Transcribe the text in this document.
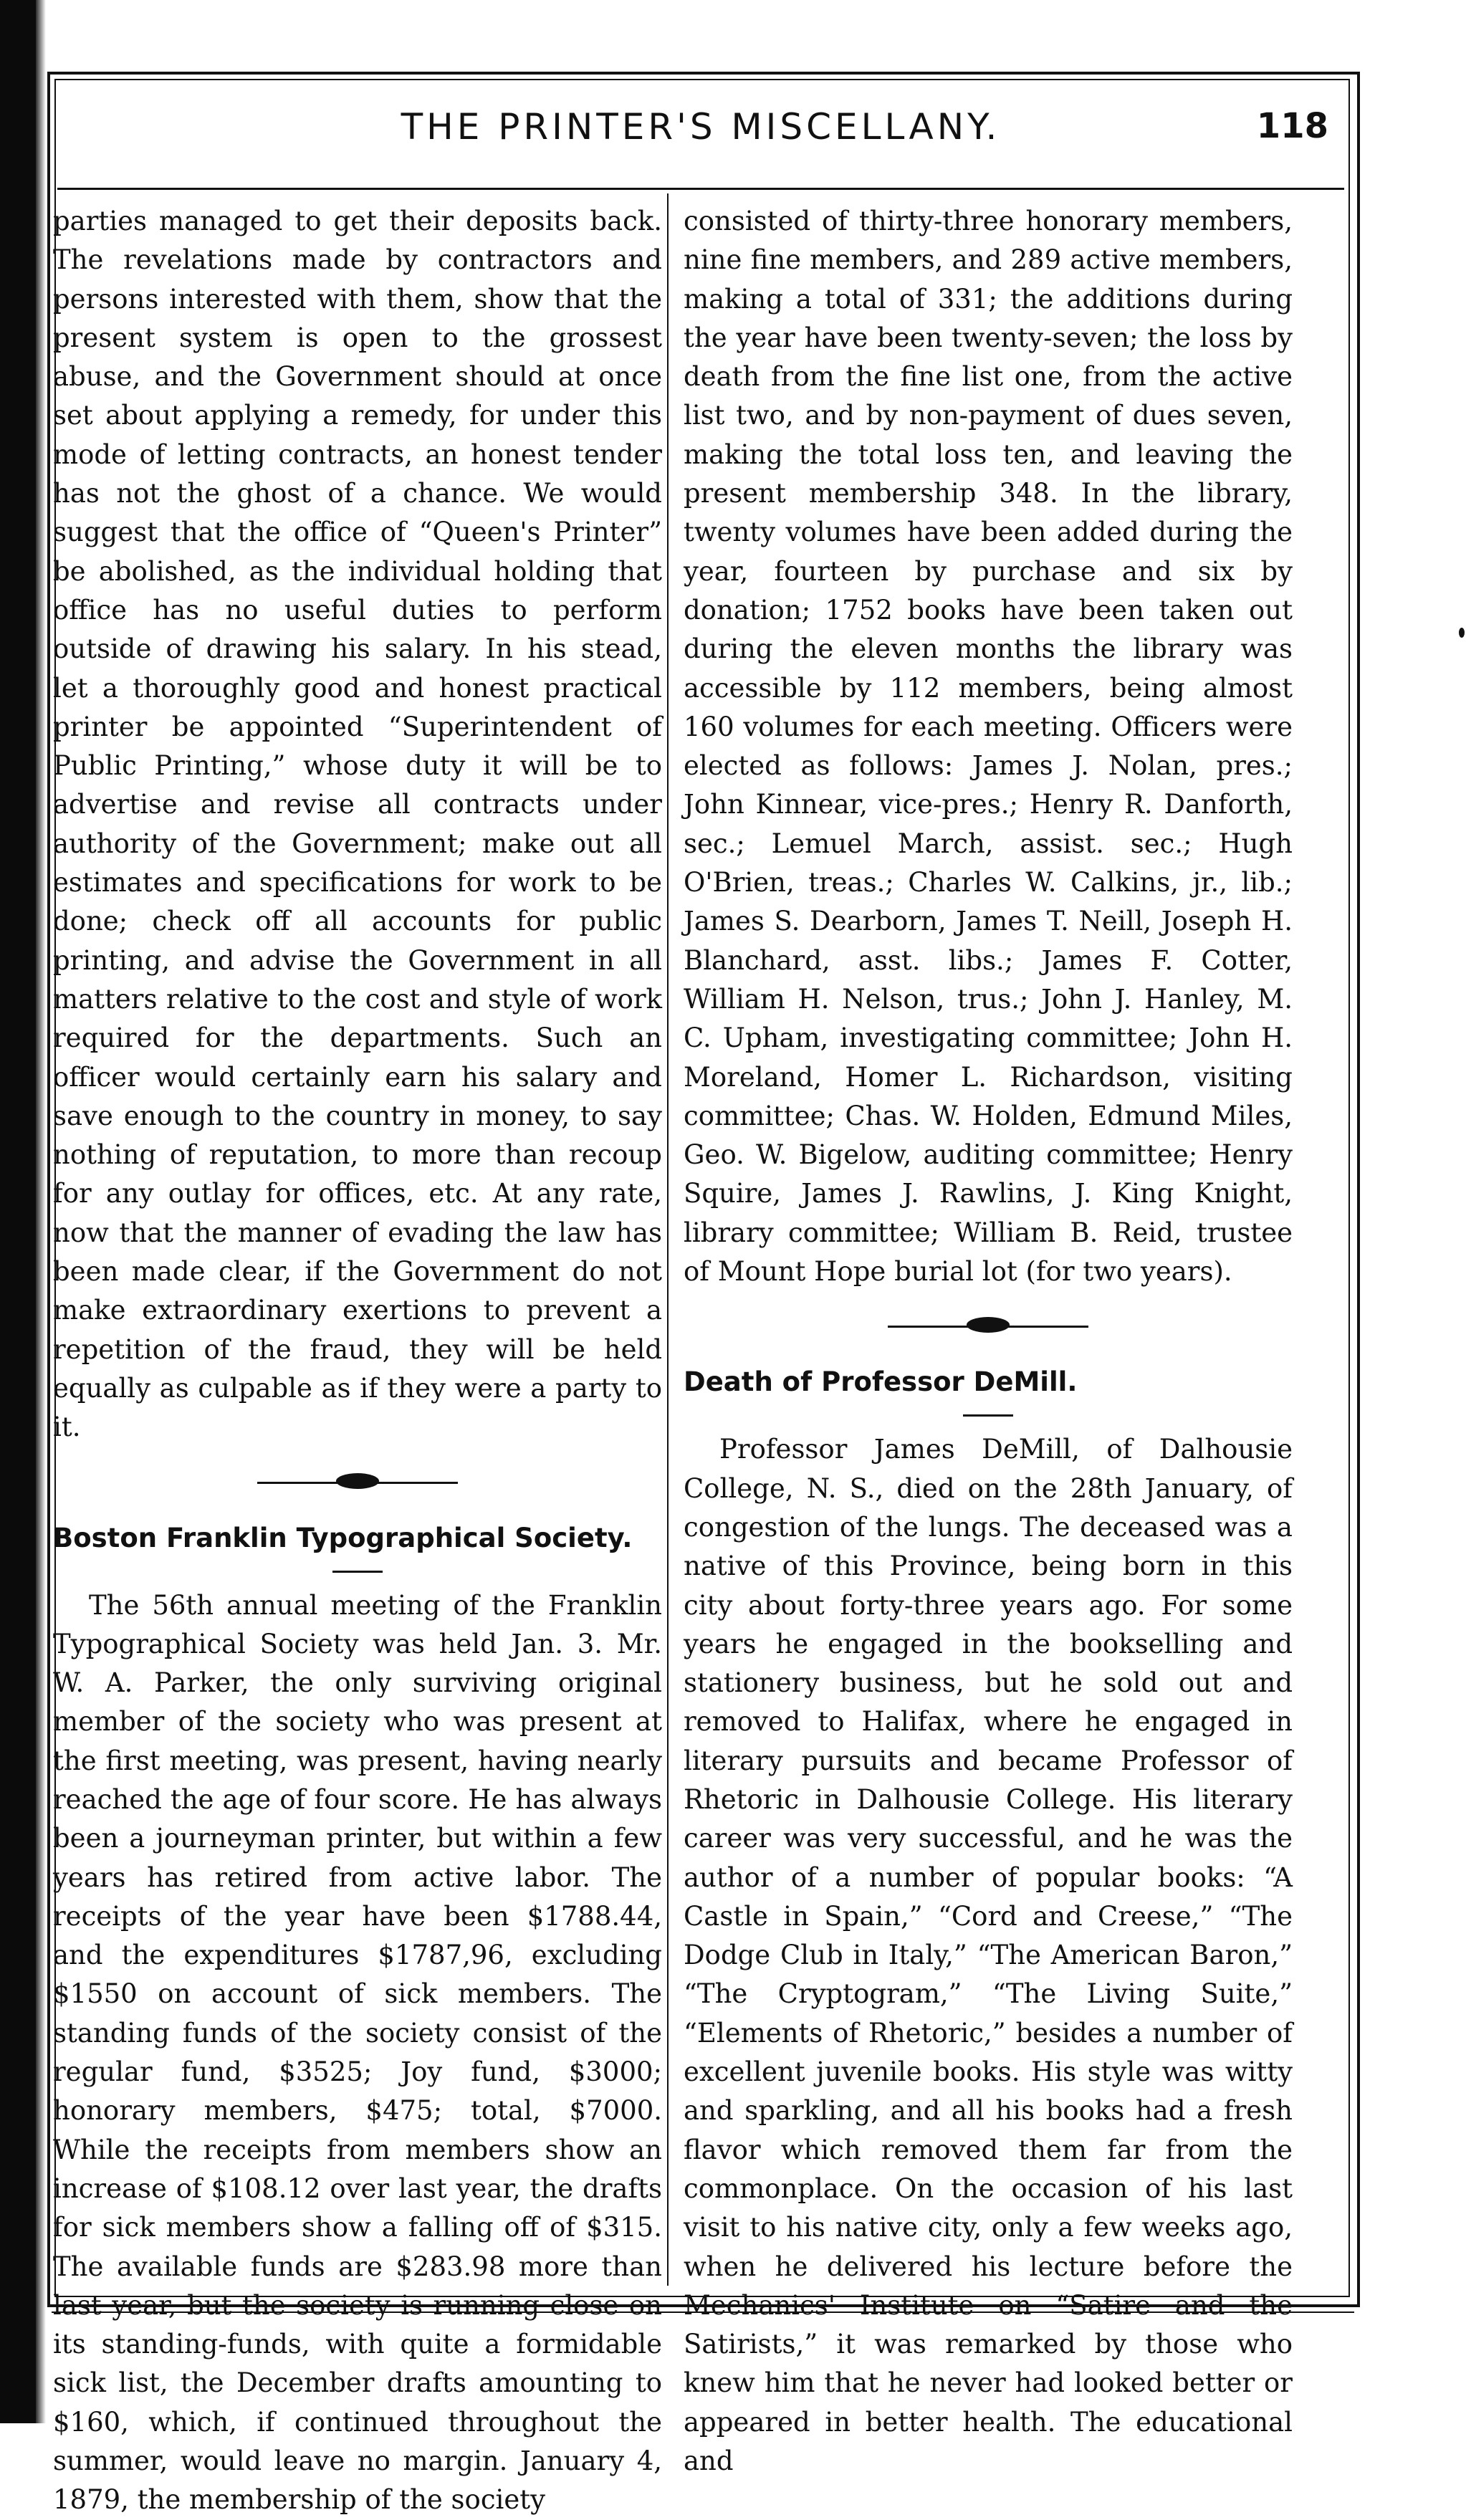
THE PRINTER'S MISCELLANY.	118

parties managed to get their deposits back. The revelations made by contractors and persons interested with them, show that the present system is open to the grossest abuse, and the Government should at once set about applying a remedy, for under this mode of letting contracts, an honest tender has not the ghost of a chance. We would suggest that the office of “Queen's Printer” be abolished, as the individual holding that office has no useful duties to perform outside of drawing his salary. In his stead, let a thoroughly good and honest practical printer be appointed “Superintendent of Public Printing,” whose duty it will be to advertise and revise all contracts under authority of the Government; make out all estimates and specifications for work to be done; check off all accounts for public printing, and advise the Government in all matters relative to the cost and style of work required for the departments. Such an officer would certainly earn his salary and save enough to the country in money, to say nothing of reputation, to more than recoup for any outlay for offices, etc. At any rate, now that the manner of evading the law has been made clear, if the Government do not make extraordinary exertions to prevent a repetition of the fraud, they will be held equally as culpable as if they were a party to it.

Boston Franklin Typographical Society.

The 56th annual meeting of the Franklin Typographical Society was held Jan. 3. Mr. W. A. Parker, the only surviving original member of the society who was present at the first meeting, was present, having nearly reached the age of four score. He has always been a journeyman printer, but within a few years has retired from active labor. The receipts of the year have been $1788.44, and the expenditures $1787,96, excluding $1550 on account of sick members. The standing funds of the society consist of the regular fund, $3525; Joy fund, $3000; honorary members, $475; total, $7000. While the receipts from members show an increase of $108.12 over last year, the drafts for sick members show a falling off of $315. The available funds are $283.98 more than last year, but the society is running close on its standing-funds, with quite a formidable sick list, the December drafts amounting to $160, which, if continued throughout the summer, would leave no margin. January 4, 1879, the membership of the society

consisted of thirty-three honorary members, nine fine members, and 289 active members, making a total of 331; the additions during the year have been twenty-seven; the loss by death from the fine list one, from the active list two, and by non-payment of dues seven, making the total loss ten, and leaving the present membership 348. In the library, twenty volumes have been added during the year, fourteen by purchase and six by donation; 1752 books have been taken out during the eleven months the library was accessible by 112 members, being almost 160 volumes for each meeting. Officers were elected as follows: James J. Nolan, pres.; John Kinnear, vice-pres.; Henry R. Danforth, sec.; Lemuel March, assist. sec.; Hugh O'Brien, treas.; Charles W. Calkins, jr., lib.; James S. Dearborn, James T. Neill, Joseph H. Blanchard, asst. libs.; James F. Cotter, William H. Nelson, trus.; John J. Hanley, M. C. Upham, investigating committee; John H. Moreland, Homer L. Richardson, visiting committee; Chas. W. Holden, Edmund Miles, Geo. W. Bigelow, auditing committee; Henry Squire, James J. Rawlins, J. King Knight, library committee; William B. Reid, trustee of Mount Hope burial lot (for two years).

Death of Professor DeMill.

Professor James DeMill, of Dalhousie College, N. S., died on the 28th January, of congestion of the lungs. The deceased was a native of this Province, being born in this city about forty-three years ago. For some years he engaged in the bookselling and stationery business, but he sold out and removed to Halifax, where he engaged in literary pursuits and became Professor of Rhetoric in Dalhousie College. His literary career was very successful, and he was the author of a number of popular books: “A Castle in Spain,” “Cord and Creese,” “The Dodge Club in Italy,” “The American Baron,” “The Cryptogram,” “The Living Suite,” “Elements of Rhetoric,” besides a number of excellent juvenile books. His style was witty and sparkling, and all his books had a fresh flavor which removed them far from the commonplace. On the occasion of his last visit to his native city, only a few weeks ago, when he delivered his lecture before the Mechanics' Institute on “Satire and the Satirists,” it was remarked by those who knew him that he never had looked better or appeared in better health. The educational and
